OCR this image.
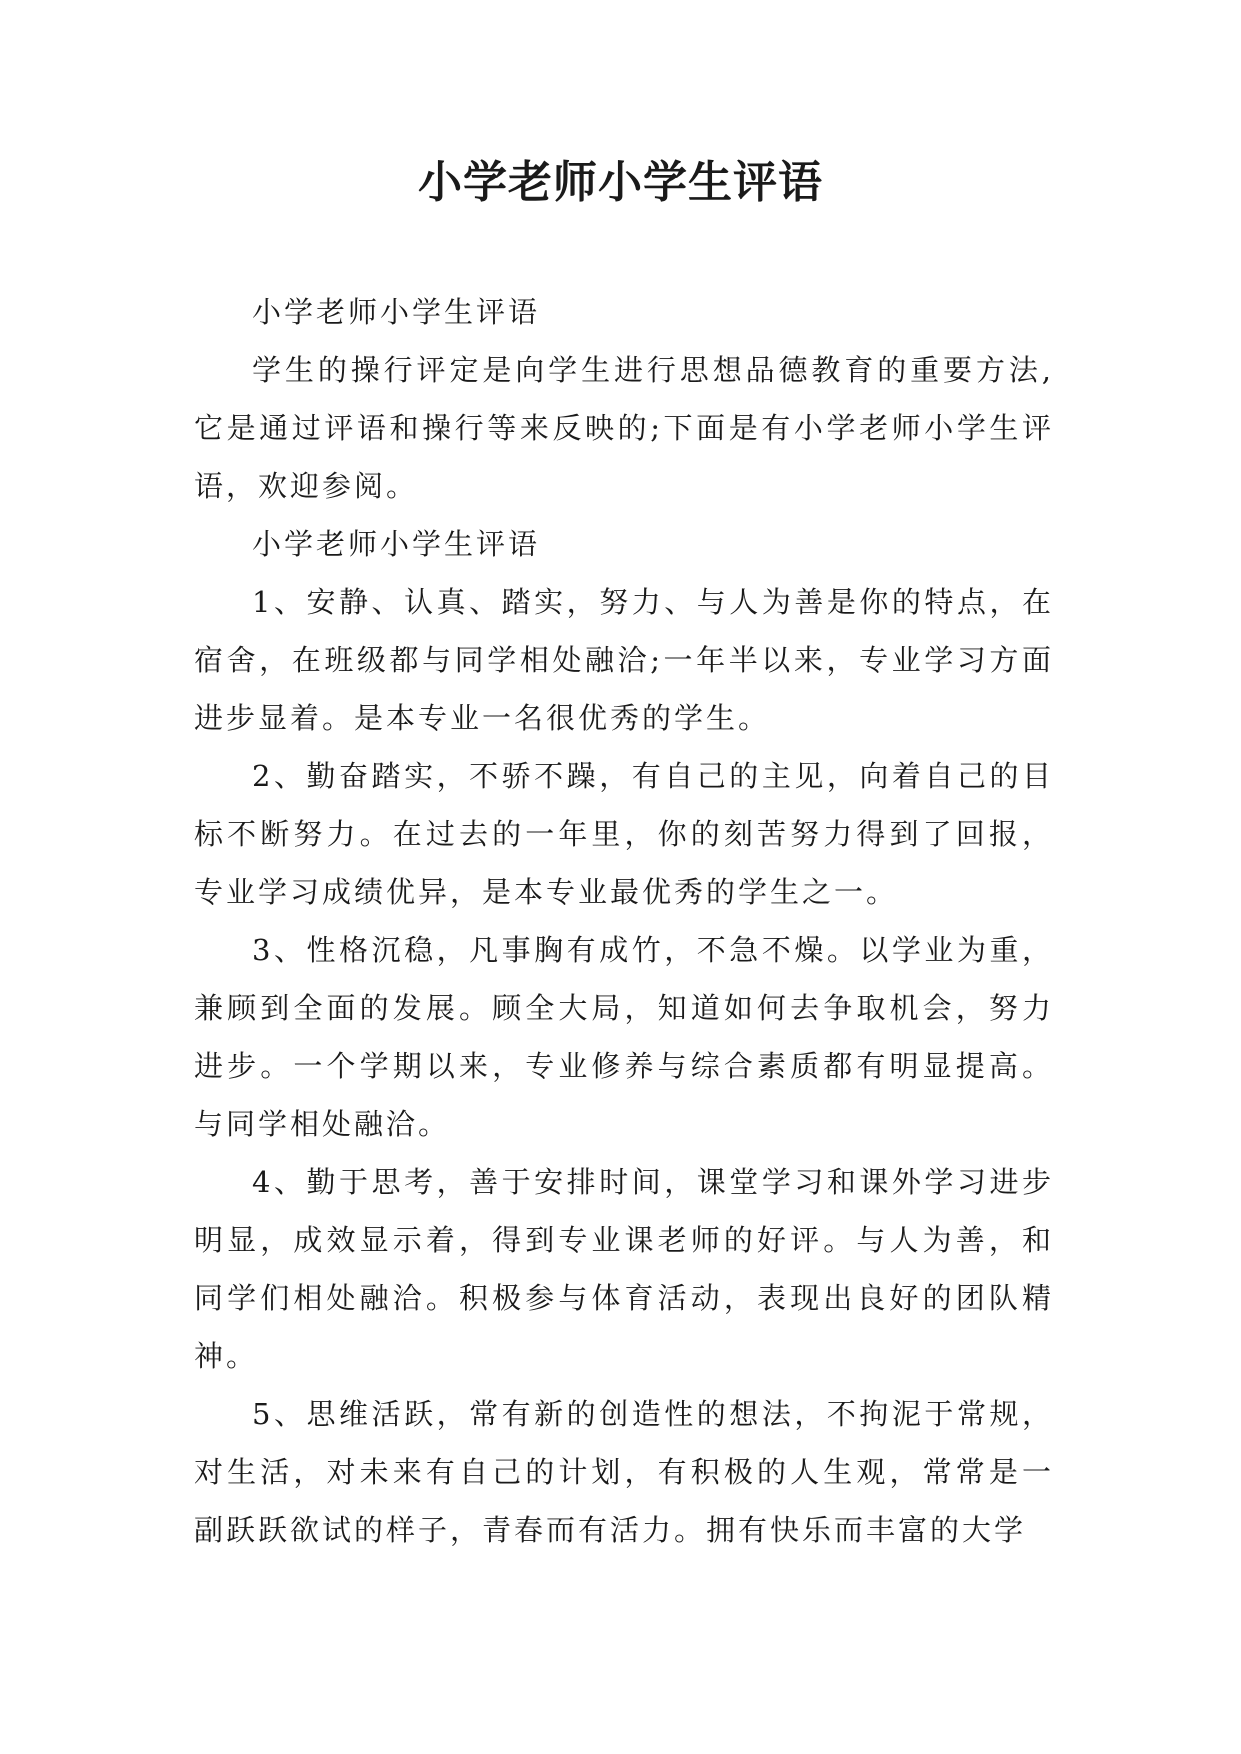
小学老师小学生评语

小学老师小学生评语

学生的操行评定是向学生进行思想品德教育的重要方法,它是通过评语和操行等来反映的;下面是有小学老师小学生评语，欢迎参阅。

小学老师小学生评语

1、安静、认真、踏实，努力、与人为善是你的特点，在宿舍，在班级都与同学相处融洽;一年半以来，专业学习方面进步显着。是本专业一名很优秀的学生。

2、勤奋踏实，不骄不躁，有自己的主见，向着自己的目标不断努力。在过去的一年里，你的刻苦努力得到了回报，专业学习成绩优异，是本专业最优秀的学生之一。

3、性格沉稳，凡事胸有成竹，不急不燥。以学业为重，兼顾到全面的发展。顾全大局，知道如何去争取机会，努力进步。一个学期以来，专业修养与综合素质都有明显提高。与同学相处融洽。

4、勤于思考，善于安排时间，课堂学习和课外学习进步明显，成效显示着，得到专业课老师的好评。与人为善，和同学们相处融洽。积极参与体育活动，表现出良好的团队精神。

5、思维活跃，常有新的创造性的想法，不拘泥于常规，对生活，对未来有自己的计划，有积极的人生观，常常是一副跃跃欲试的样子，青春而有活力。拥有快乐而丰富的大学
